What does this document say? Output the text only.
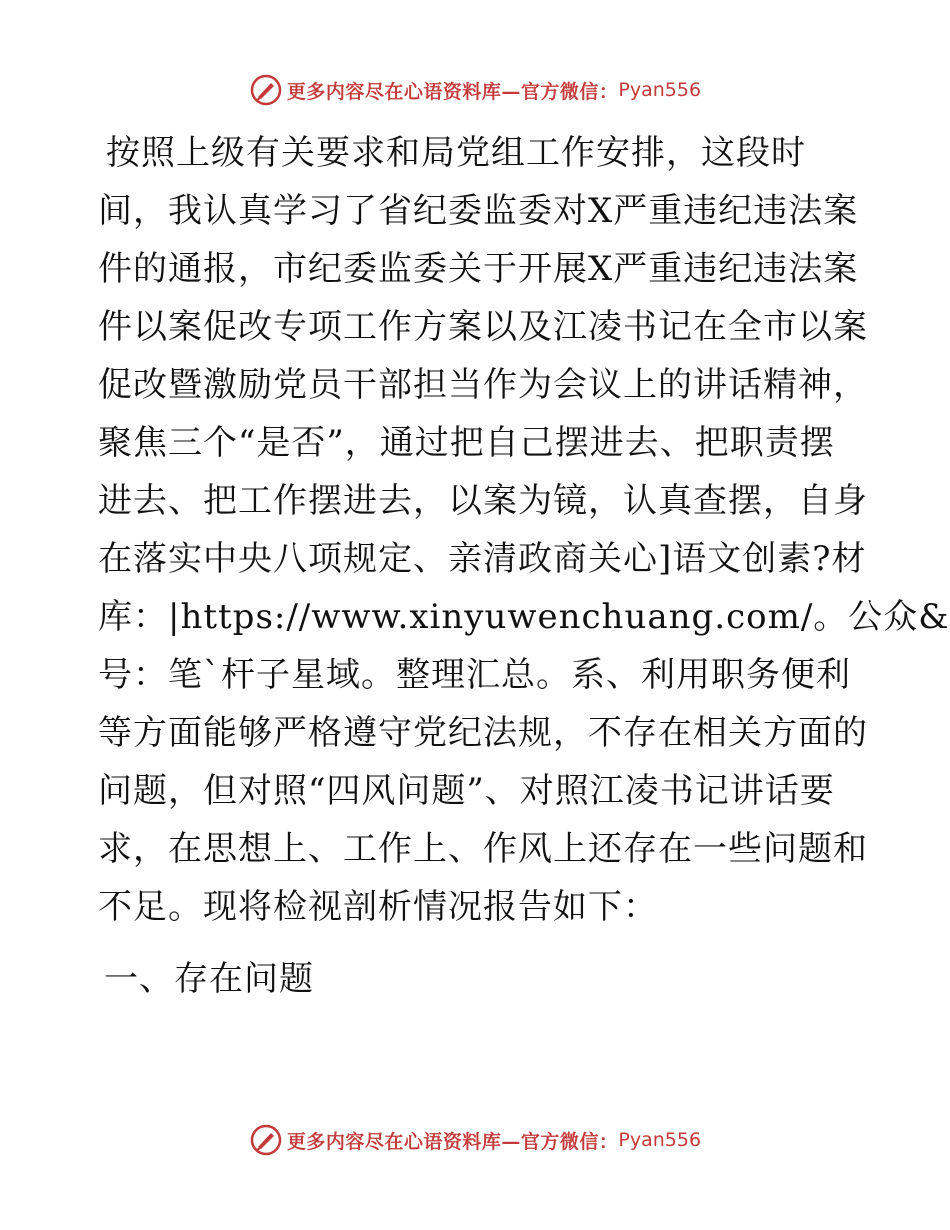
更多内容尽在心语资料库—官方微信： Pyan556
按照上级有关要求和局党组工作安排，这段时
间，我认真学习了省纪委监委对X严重违纪违法案
件的通报，市纪委监委关于开展X严重违纪违法案
件以案促改专项工作方案以及江凌书记在全市以案
促改暨激励党员干部担当作为会议上的讲话精神，
聚焦三个“是否”，通过把自己摆进去、把职责摆
进去、把工作摆进去，以案为镜，认真查摆，自身
在落实中央八项规定、亲清政商关心]语文创素?材
库：|https://www.xinyuwenchuang.com/。公众&
号：笔`杆子星域。整理汇总。系、利用职务便利
等方面能够严格遵守党纪法规，不存在相关方面的
问题，但对照“四风问题”、对照江凌书记讲话要
求，在思想上、工作上、作风上还存在一些问题和
不足。现将检视剖析情况报告如下：
一、存在问题
更多内容尽在心语资料库—官方微信： Pyan556
